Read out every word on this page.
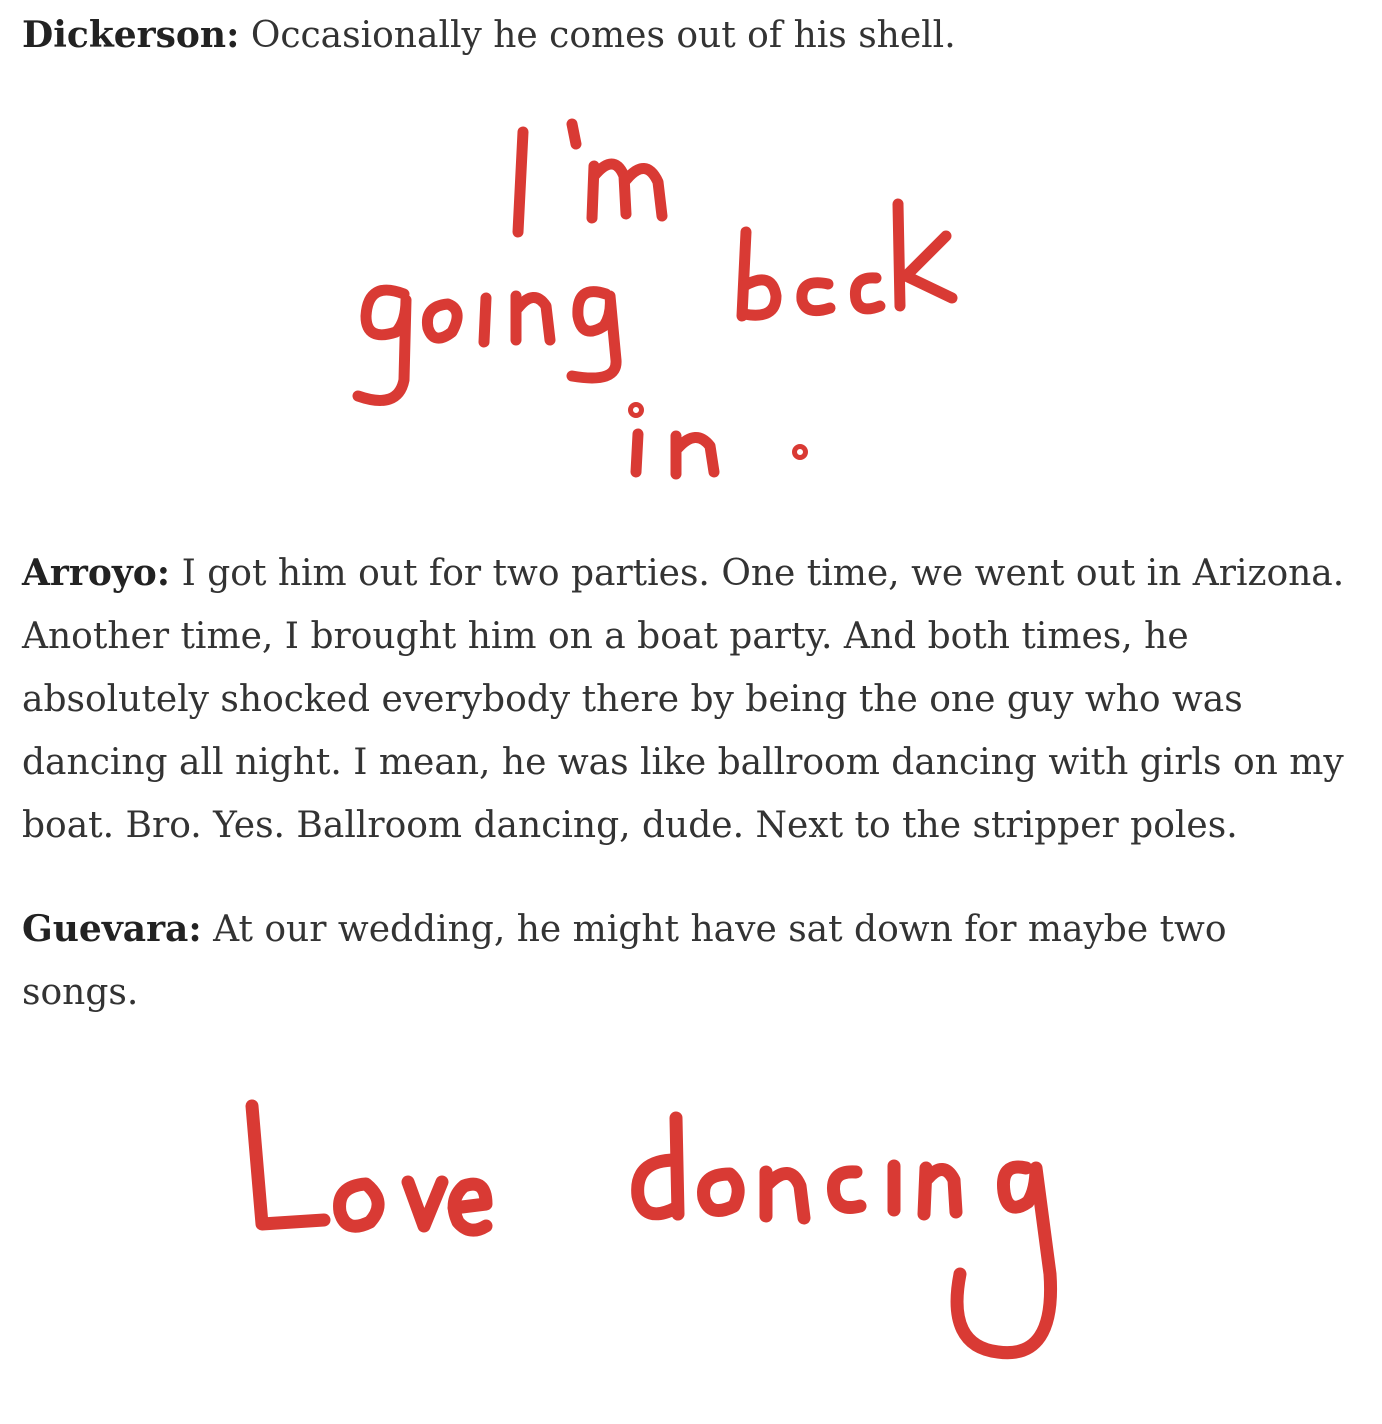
Dickerson: Occasionally he comes out of his shell.

Arroyo: I got him out for two parties. One time, we went out in Arizona. Another time, I brought him on a boat party. And both times, he absolutely shocked everybody there by being the one guy who was dancing all night. I mean, he was like ballroom dancing with girls on my boat. Bro. Yes. Ballroom dancing, dude. Next to the stripper poles.

Guevara: At our wedding, he might have sat down for maybe two songs.
